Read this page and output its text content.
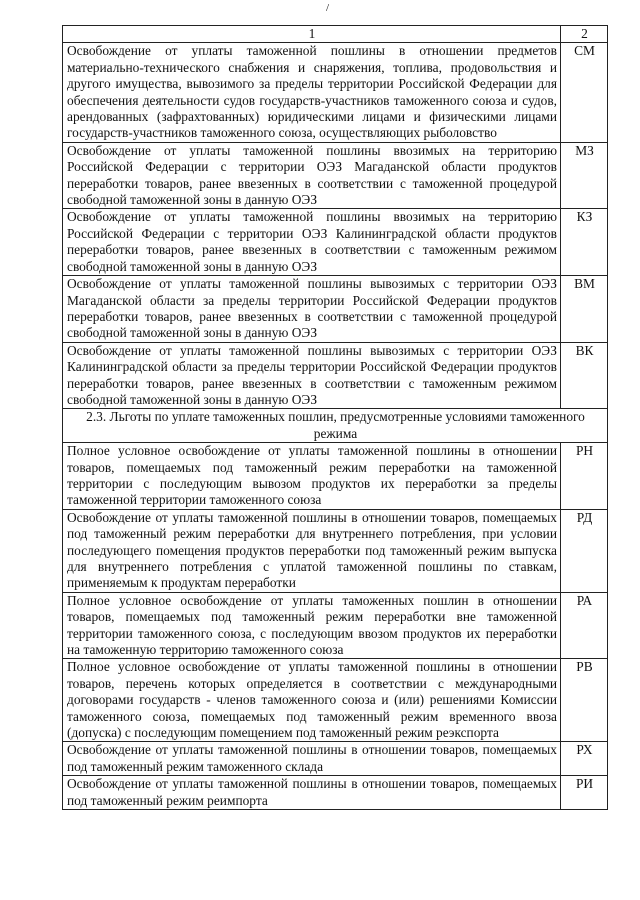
/
1	2
Освобождение от уплаты таможенной пошлины в отношении предметов материально-технического снабжения и снаряжения, топлива, продовольствия и другого имущества, вывозимого за пределы территории Российской Федерации для обеспечения деятельности судов государств-участников таможенного союза и судов, арендованных (зафрахтованных) юридическими лицами и физическими лицами государств-участников таможенного союза, осуществляющих рыболовство	СМ
Освобождение от уплаты таможенной пошлины ввозимых на территорию Российской Федерации с территории ОЭЗ Магаданской области продуктов переработки товаров, ранее ввезенных в соответствии с таможенной процедурой свободной таможенной зоны в данную ОЭЗ	МЗ
Освобождение от уплаты таможенной пошлины ввозимых на территорию Российской Федерации с территории ОЭЗ Калининградской области продуктов переработки товаров, ранее ввезенных в соответствии с таможенным режимом свободной таможенной зоны в данную ОЭЗ	КЗ
Освобождение от уплаты таможенной пошлины вывозимых с территории ОЭЗ Магаданской области за пределы территории Российской Федерации продуктов переработки товаров, ранее ввезенных в соответствии с таможенной процедурой свободной таможенной зоны в данную ОЭЗ	ВМ
Освобождение от уплаты таможенной пошлины вывозимых с территории ОЭЗ Калининградской области за пределы территории Российской Федерации продуктов переработки товаров, ранее ввезенных в соответствии с таможенным режимом свободной таможенной зоны в данную ОЭЗ	ВК
2.3. Льготы по уплате таможенных пошлин, предусмотренные условиями таможенного режима	
Полное условное освобождение от уплаты таможенной пошлины в отношении товаров, помещаемых под таможенный режим переработки на таможенной территории с последующим вывозом продуктов их переработки за пределы таможенной территории таможенного союза	РН
Освобождение от уплаты таможенной пошлины в отношении товаров, помещаемых под таможенный режим переработки для внутреннего потребления, при условии последующего помещения продуктов переработки под таможенный режим выпуска для внутреннего потребления с уплатой таможенной пошлины по ставкам, применяемым к продуктам переработки	РД
Полное условное освобождение от уплаты таможенных пошлин в отношении товаров, помещаемых под таможенный режим переработки вне таможенной территории таможенного союза, с последующим ввозом продуктов их переработки на таможенную территорию таможенного союза	РА
Полное условное освобождение от уплаты таможенной пошлины в отношении товаров, перечень которых определяется в соответствии с международными договорами государств - членов таможенного союза и (или) решениями Комиссии таможенного союза, помещаемых под таможенный режим временного ввоза (допуска) с последующим помещением под таможенный режим реэкспорта	РВ
Освобождение от уплаты таможенной пошлины в отношении товаров, помещаемых под таможенный режим таможенного склада	РХ
Освобождение от уплаты таможенной пошлины в отношении товаров, помещаемых под таможенный режим реимпорта	РИ
